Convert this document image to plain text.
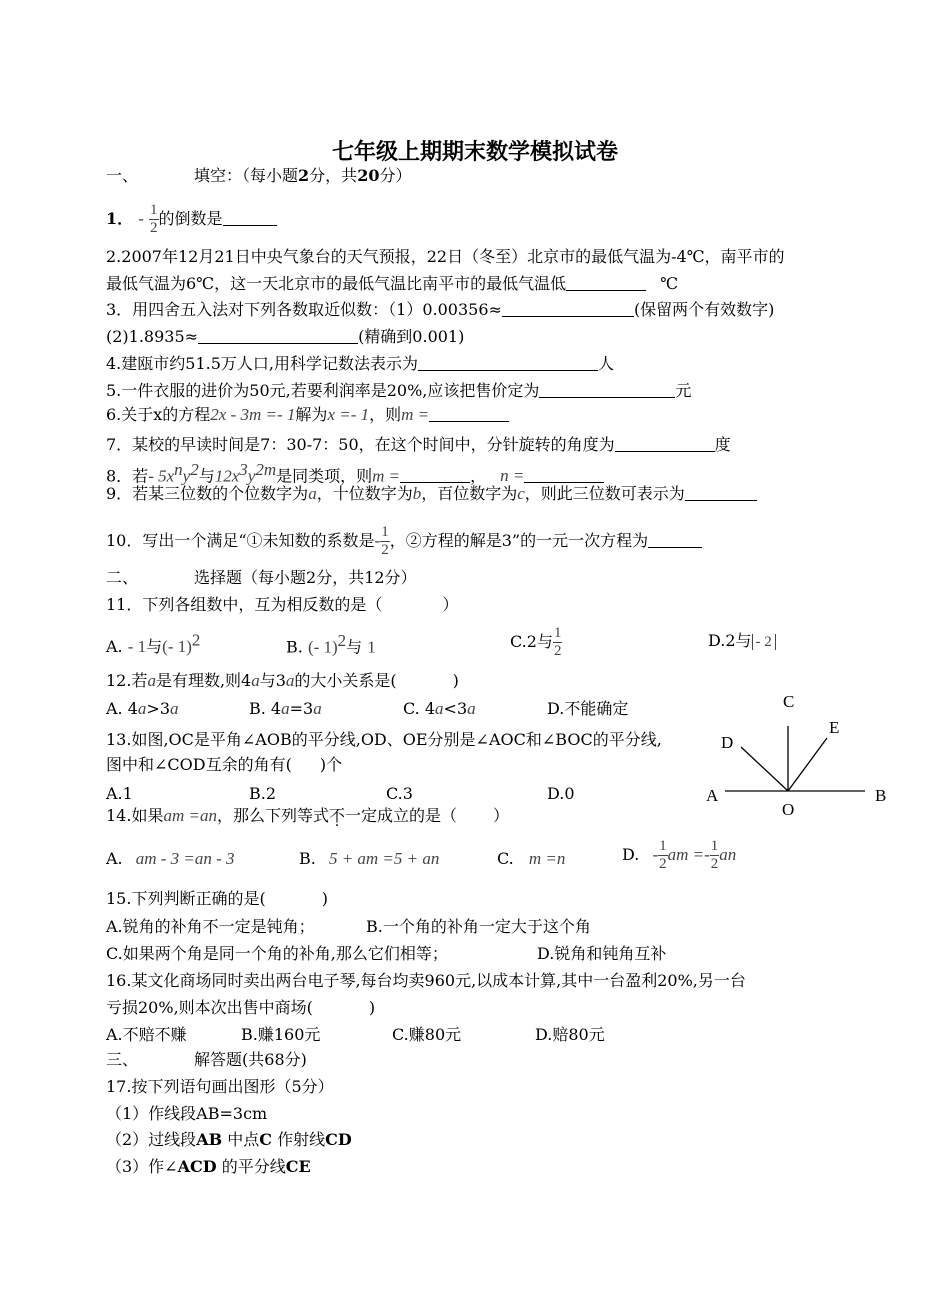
七年级上期期末数学模拟试卷
一、	填空：（每小题2分，共20分）
1． - $\frac{1}{2}$ 的倒数是
2.2007年12月21日中央气象台的天气预报，22日（冬至）北京市的最低气温为-4℃，南平市的
最低气温为6℃，这一天北京市的最低气温比南平市的最低气温低	℃
3．用四舍五入法对下列各数取近似数：（1）0.00356≈	(保留两个有效数字)
(2)1.8935≈	(精确到0.001)
4.建瓯市约51.5万人口,用科学记数法表示为	人
5.一件衣服的进价为50元,若要利润率是20%,应该把售价定为	元
6.关于x的方程2x - 3m =- 1解为x =- 1，则m =
7．某校的早读时间是7：30-7：50，在这个时间中，分针旋转的角度为	度
8．若- $5x^ny^2$与$12x^3y^{2m}$是同类项，则m =	， n =
9．若某三位数的个位数字为a，十位数字为b，百位数字为c，则此三位数可表示为
10．写出一个满足“①未知数的系数是- $\frac{1}{2}$ ，②方程的解是3”的一元一次方程为
二、	选择题（每小题2分，共12分）
11．下列各组数中，互为相反数的是（	）
A. - 1与(- 1)$^2$	B. (- 1)$^2$与 1	C.2与 $\frac{1}{2}$	D.2与 - 2
12.若a是有理数,则4a与3a的大小关系是(	)
A. 4a>3a	B. 4a=3a	C. 4a<3a	D.不能确定
13.如图,OC是平角∠AOB的平分线,OD、OE分别是∠AOC和∠BOC的平分线,
图中和∠COD互余的角有( )个
A.1	B.2	C.3	D.0
C
E
D
A	B
O
14.如果am =an，那么下列等式不一定成立的是（ ）
A. am - 3 =an - 3	B. 5 + am =5 + an	C. m =n	D. - $\frac{1}{2}$ am =- $\frac{1}{2}$ an
15.下列判断正确的是(	)
A.锐角的补角不一定是钝角；	B.一个角的补角一定大于这个角
C.如果两个角是同一个角的补角,那么它们相等；	D.锐角和钝角互补
16.某文化商场同时卖出两台电子琴,每台均卖960元,以成本计算,其中一台盈利20%,另一台
亏损20%,则本次出售中商场(	)
A.不赔不赚	B.赚160元	C.赚80元	D.赔80元
三、	解答题(共68分)
17.按下列语句画出图形（5分）
（1）作线段AB=3cm
（2）过线段AB 中点C 作射线CD
（3）作∠ACD 的平分线CE
